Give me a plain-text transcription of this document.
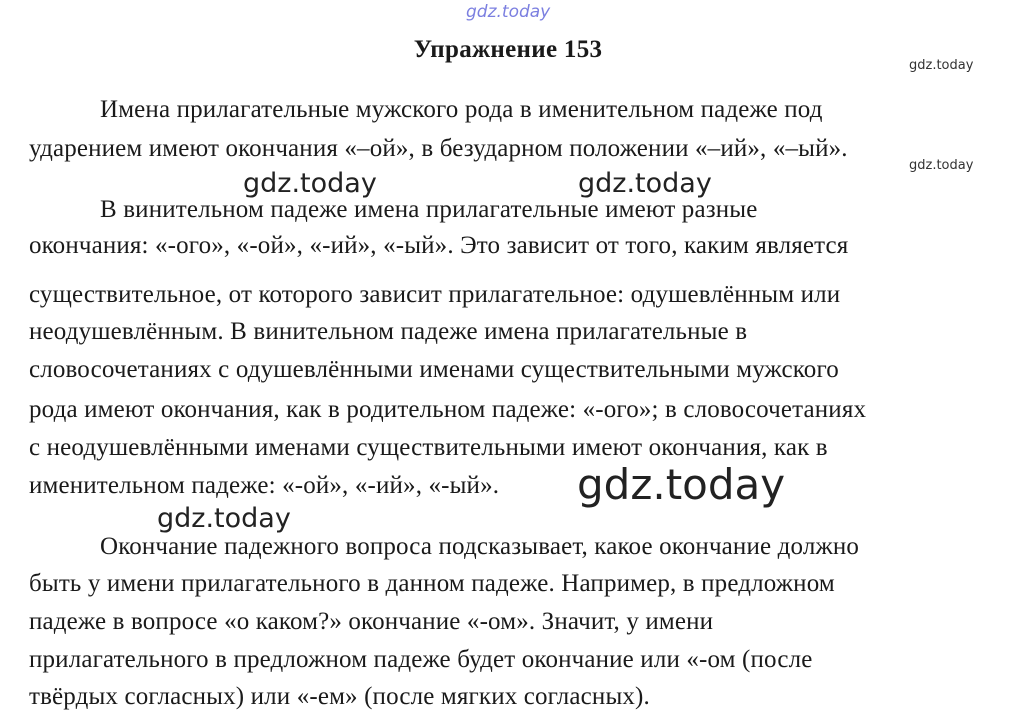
gdz.today
gdz.today
gdz.today
gdz.today	gdz.today
gdz.today
gdz.today
Упражнение 153
Имена прилагательные мужского рода в именительном падеже под
ударением имеют окончания «–ой», в безударном положении «–ий», «–ый».
В винительном падеже имена прилагательные имеют разные
окончания: «-ого», «-ой», «-ий», «-ый». Это зависит от того, каким является
существительное, от которого зависит прилагательное: одушевлённым или
неодушевлённым. В винительном падеже имена прилагательные в
словосочетаниях с одушевлёнными именами существительными мужского
рода имеют окончания, как в родительном падеже: «-ого»; в словосочетаниях
с неодушевлёнными именами существительными имеют окончания, как в
именительном падеже: «-ой», «-ий», «-ый».
Окончание падежного вопроса подсказывает, какое окончание должно
быть у имени прилагательного в данном падеже. Например, в предложном
падеже в вопросе «о каком?» окончание «-ом». Значит, у имени
прилагательного в предложном падеже будет окончание или «-ом (после
твёрдых согласных) или «-ем» (после мягких согласных).
